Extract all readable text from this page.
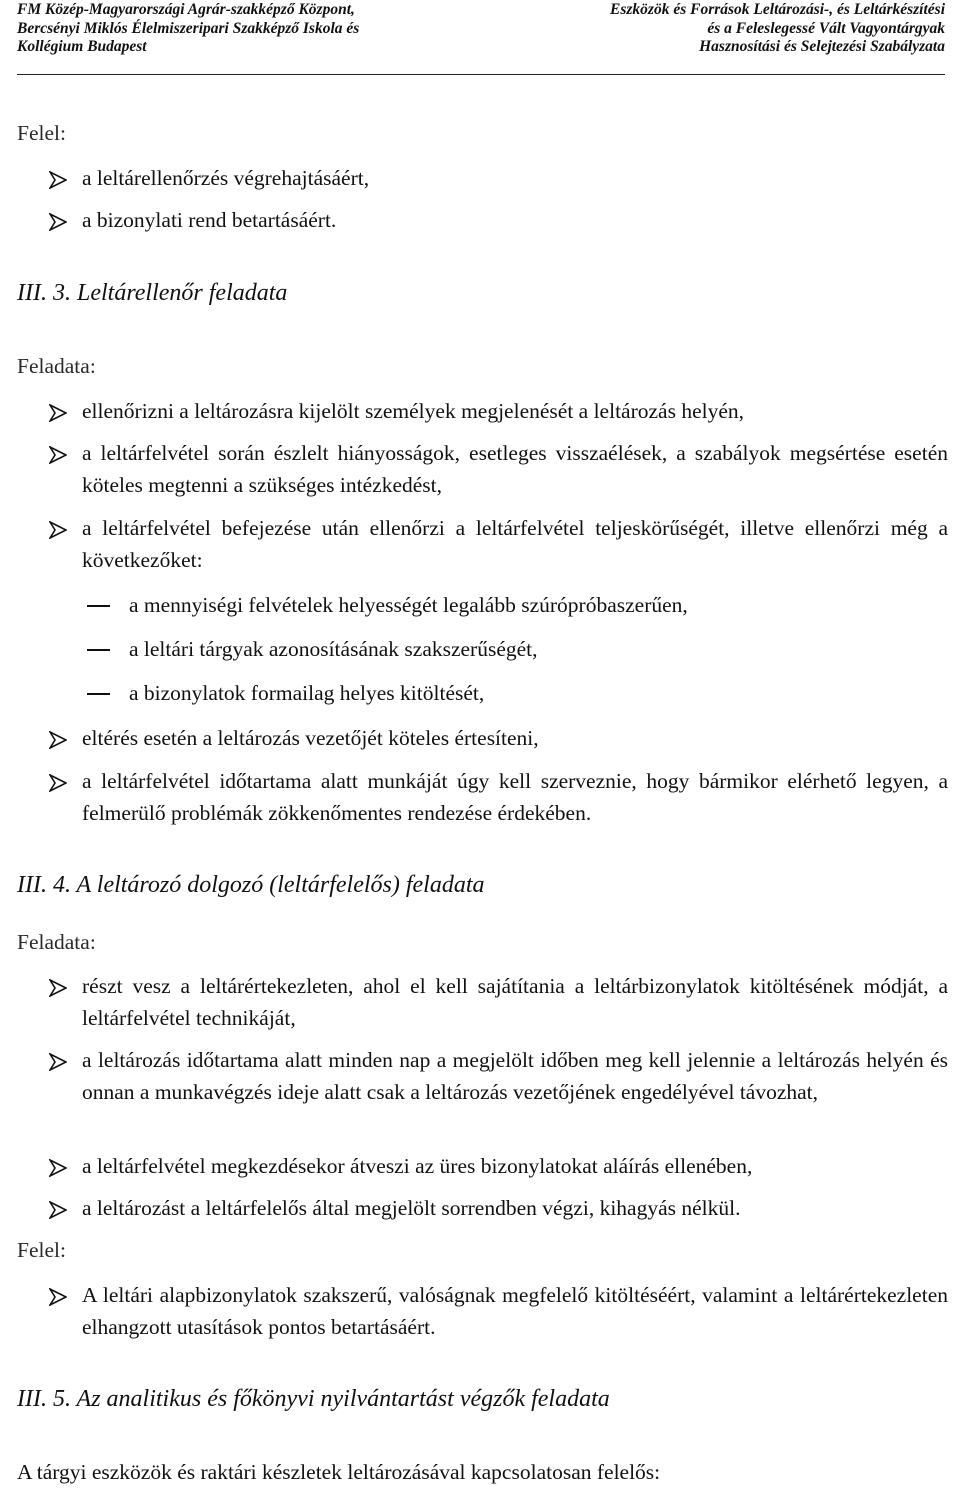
FM Közép-Magyarországi Agrár-szakképző Központ,
Bercsényi Miklós Élelmiszeripari Szakképző Iskola és
Kollégium Budapest
Eszközök és Források Leltározási-, és Leltárkészítési
és a Feleslegessé Vált Vagyontárgyak
Hasznosítási és Selejtezési Szabályzata
Felel:
a leltárellenőrzés végrehajtásáért,
a bizonylati rend betartásáért.
III. 3. Leltárellenőr feladata
Feladata:
ellenőrizni a leltározásra kijelölt személyek megjelenését a leltározás helyén,
a leltárfelvétel során észlelt hiányosságok, esetleges visszaélések, a szabályok megsértése esetén köteles megtenni a szükséges intézkedést,
a leltárfelvétel befejezése után ellenőrzi a leltárfelvétel teljeskörűségét, illetve ellenőrzi még a következőket:
a mennyiségi felvételek helyességét legalább szúrópróbaszerűen,
a leltári tárgyak azonosításának szakszerűségét,
a bizonylatok formailag helyes kitöltését,
eltérés esetén a leltározás vezetőjét köteles értesíteni,
a leltárfelvétel időtartama alatt munkáját úgy kell szerveznie, hogy bármikor elérhető legyen, a felmerülő problémák zökkenőmentes rendezése érdekében.
III. 4. A leltározó dolgozó (leltárfelelős) feladata
Feladata:
részt vesz a leltárértekezleten, ahol el kell sajátítania a leltárbizonylatok kitöltésének módját, a leltárfelvétel technikáját,
a leltározás időtartama alatt minden nap a megjelölt időben meg kell jelennie a leltározás helyén és onnan a munkavégzés ideje alatt csak a leltározás vezetőjének engedélyével távozhat,
a leltárfelvétel megkezdésekor átveszi az üres bizonylatokat aláírás ellenében,
a leltározást a leltárfelelős által megjelölt sorrendben végzi, kihagyás nélkül.
Felel:
A leltári alapbizonylatok szakszerű, valóságnak megfelelő kitöltéséért, valamint a leltárértekezleten elhangzott utasítások pontos betartásáért.
III. 5. Az analitikus és főkönyvi nyilvántartást végzők feladata
A tárgyi eszközök és raktári készletek leltározásával kapcsolatosan felelős:
